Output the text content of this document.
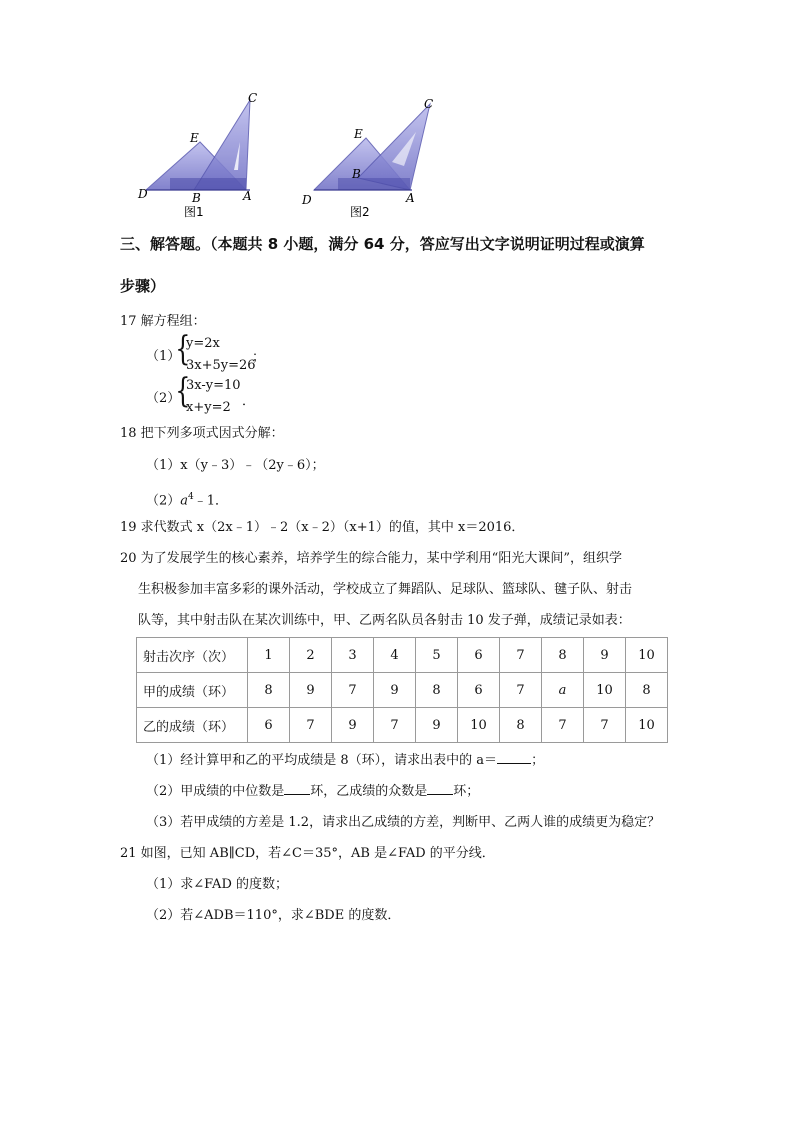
C
E
D	B	A
图1
C
E
D
B
A
图2
三、解答题。（本题共 8 小题，满分 64 分，答应写出文字说明证明过程或演算
步骤）
17 解方程组：
（1）
{
y=2x
3x+5y=26
；
（2）
{
3x-y=10
x+y=2 ．
18 把下列多项式因式分解：
（1）x（y﹣3）﹣（2y﹣6）；
$(2)a^4﹣1$．
19 求代数式 x（2x﹣1）﹣2（x﹣2）（x+1）的值，其中 x＝2016．
20 为了发展学生的核心素养，培养学生的综合能力，某中学利用“阳光大课间”，组织学
生积极参加丰富多彩的课外活动，学校成立了舞蹈队、足球队、篮球队、毽子队、射击
队等，其中射击队在某次训练中，甲、乙两名队员各射击 10 发子弹，成绩记录如表：
射击次序（次）	1	2	3	4	5	6	7	8	9	10
甲的成绩（环）	8	9	7	9	8	6	7	a	10	8
乙的成绩（环）	6	7	9	7	9	10	8	7	7	10
（1）经计算甲和乙的平均成绩是 8（环），请求出表中的 a＝	；
（2）甲成绩的中位数是 环，乙成绩的众数是 环；
（3）若甲成绩的方差是 1.2，请求出乙成绩的方差，判断甲、乙两人谁的成绩更为稳定？
21 如图，已知 AB∥CD，若∠C＝35°，AB 是∠FAD 的平分线．
（1）求∠FAD 的度数；
（2）若∠ADB＝110°，求∠BDE 的度数．
